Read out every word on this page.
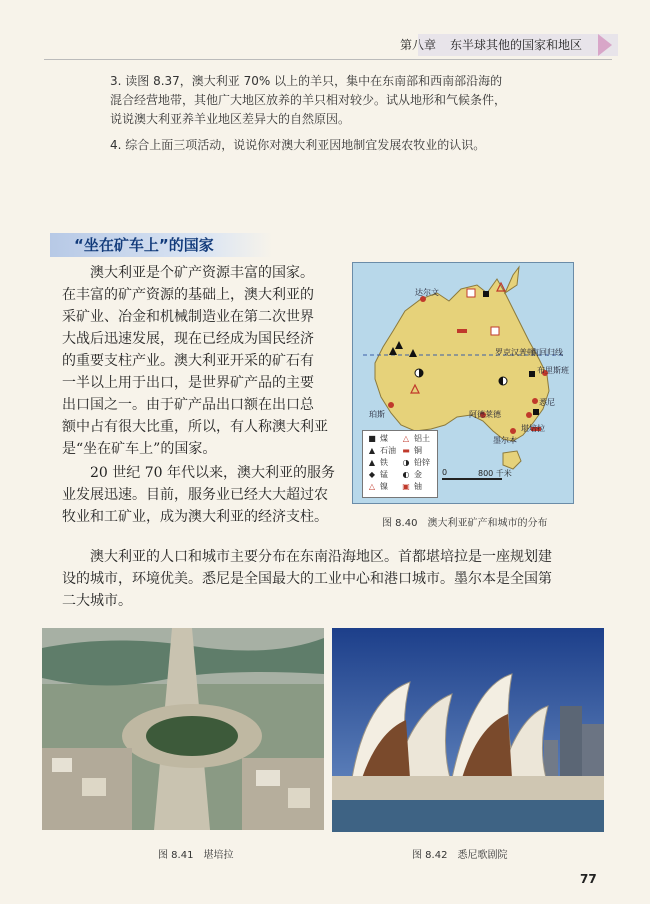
第八章 东半球其他的国家和地区

3. 读图 8.37，澳大利亚 70% 以上的羊只，集中在东南部和西南部沿海的

混合经营地带，其他广大地区放养的羊只相对较少。试从地形和气候条件，

说说澳大利亚养羊业地区差异大的自然原因。

4. 综合上面三项活动，说说你对澳大利亚因地制宜发展农牧业的认识。

“坐在矿车上”的国家

澳大利亚是个矿产资源丰富的国家。

在丰富的矿产资源的基础上，澳大利亚的

采矿业、冶金和机械制造业在第二次世界

大战后迅速发展，现在已经成为国民经济

的重要支柱产业。澳大利亚开采的矿石有

一半以上用于出口，是世界矿产品的主要

出口国之一。由于矿产品出口额在出口总

额中占有很大比重，所以，有人称澳大利亚

是“坐在矿车上”的国家。

20 世纪 70 年代以来，澳大利亚的服务

业发展迅速。目前，服务业已经大大超过农

牧业和工矿业，成为澳大利亚的经济支柱。

达尔文
罗克汉普顿
南回归线
布里斯班
珀斯	阿德莱德
悉尼
墨尔本
堪培拉
■ 煤
▲ 石油
▲ 铁
◆ 锰
△ 镍
△ 铝土
▬ 铜
◑ 铅锌
◐ 金
▣ 铀
0	800 千米
图 8.40　澳大利亚矿产和城市的分布

澳大利亚的人口和城市主要分布在东南沿海地区。首都堪培拉是一座规划建

设的城市，环境优美。悉尼是全国最大的工业中心和港口城市。墨尔本是全国第

二大城市。

图 8.41　堪培拉	图 8.42　悉尼歌剧院
77
